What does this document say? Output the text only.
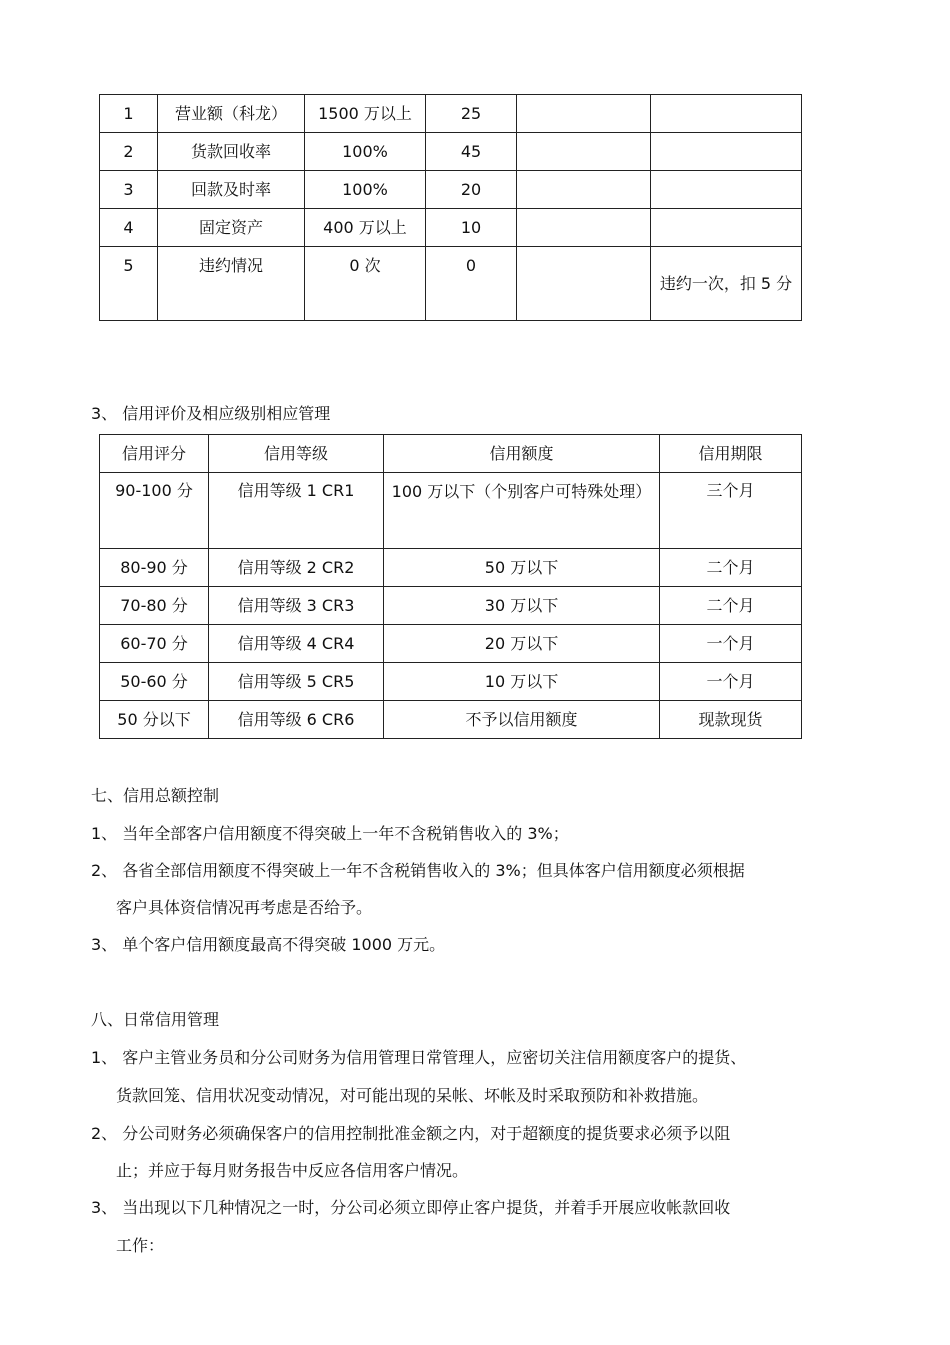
1	营业额（科龙）	1500 万以上	25		
2	货款回收率	100%	45		
3	回款及时率	100%	20		
4	固定资产	400 万以上	10		
5	违约情况	0 次	0		违约一次，扣 5 分
3、 信用评价及相应级别相应管理
信用评分	信用等级	信用额度	信用期限
90-100 分	信用等级 1 CR1	100 万以下（个别客户可特殊处理）	三个月
80-90 分	信用等级 2 CR2	50 万以下	二个月
70-80 分	信用等级 3 CR3	30 万以下	二个月
60-70 分	信用等级 4 CR4	20 万以下	一个月
50-60 分	信用等级 5 CR5	10 万以下	一个月
50 分以下	信用等级 6 CR6	不予以信用额度	现款现货
七、信用总额控制
1、 当年全部客户信用额度不得突破上一年不含税销售收入的 3%；
2、 各省全部信用额度不得突破上一年不含税销售收入的 3%；但具体客户信用额度必须根据
客户具体资信情况再考虑是否给予。
3、 单个客户信用额度最高不得突破 1000 万元。
八、日常信用管理
1、 客户主管业务员和分公司财务为信用管理日常管理人，应密切关注信用额度客户的提货、
货款回笼、信用状况变动情况，对可能出现的呆帐、坏帐及时采取预防和补救措施。
2、 分公司财务必须确保客户的信用控制批准金额之内，对于超额度的提货要求必须予以阻
止；并应于每月财务报告中反应各信用客户情况。
3、 当出现以下几种情况之一时，分公司必须立即停止客户提货，并着手开展应收帐款回收
工作：
